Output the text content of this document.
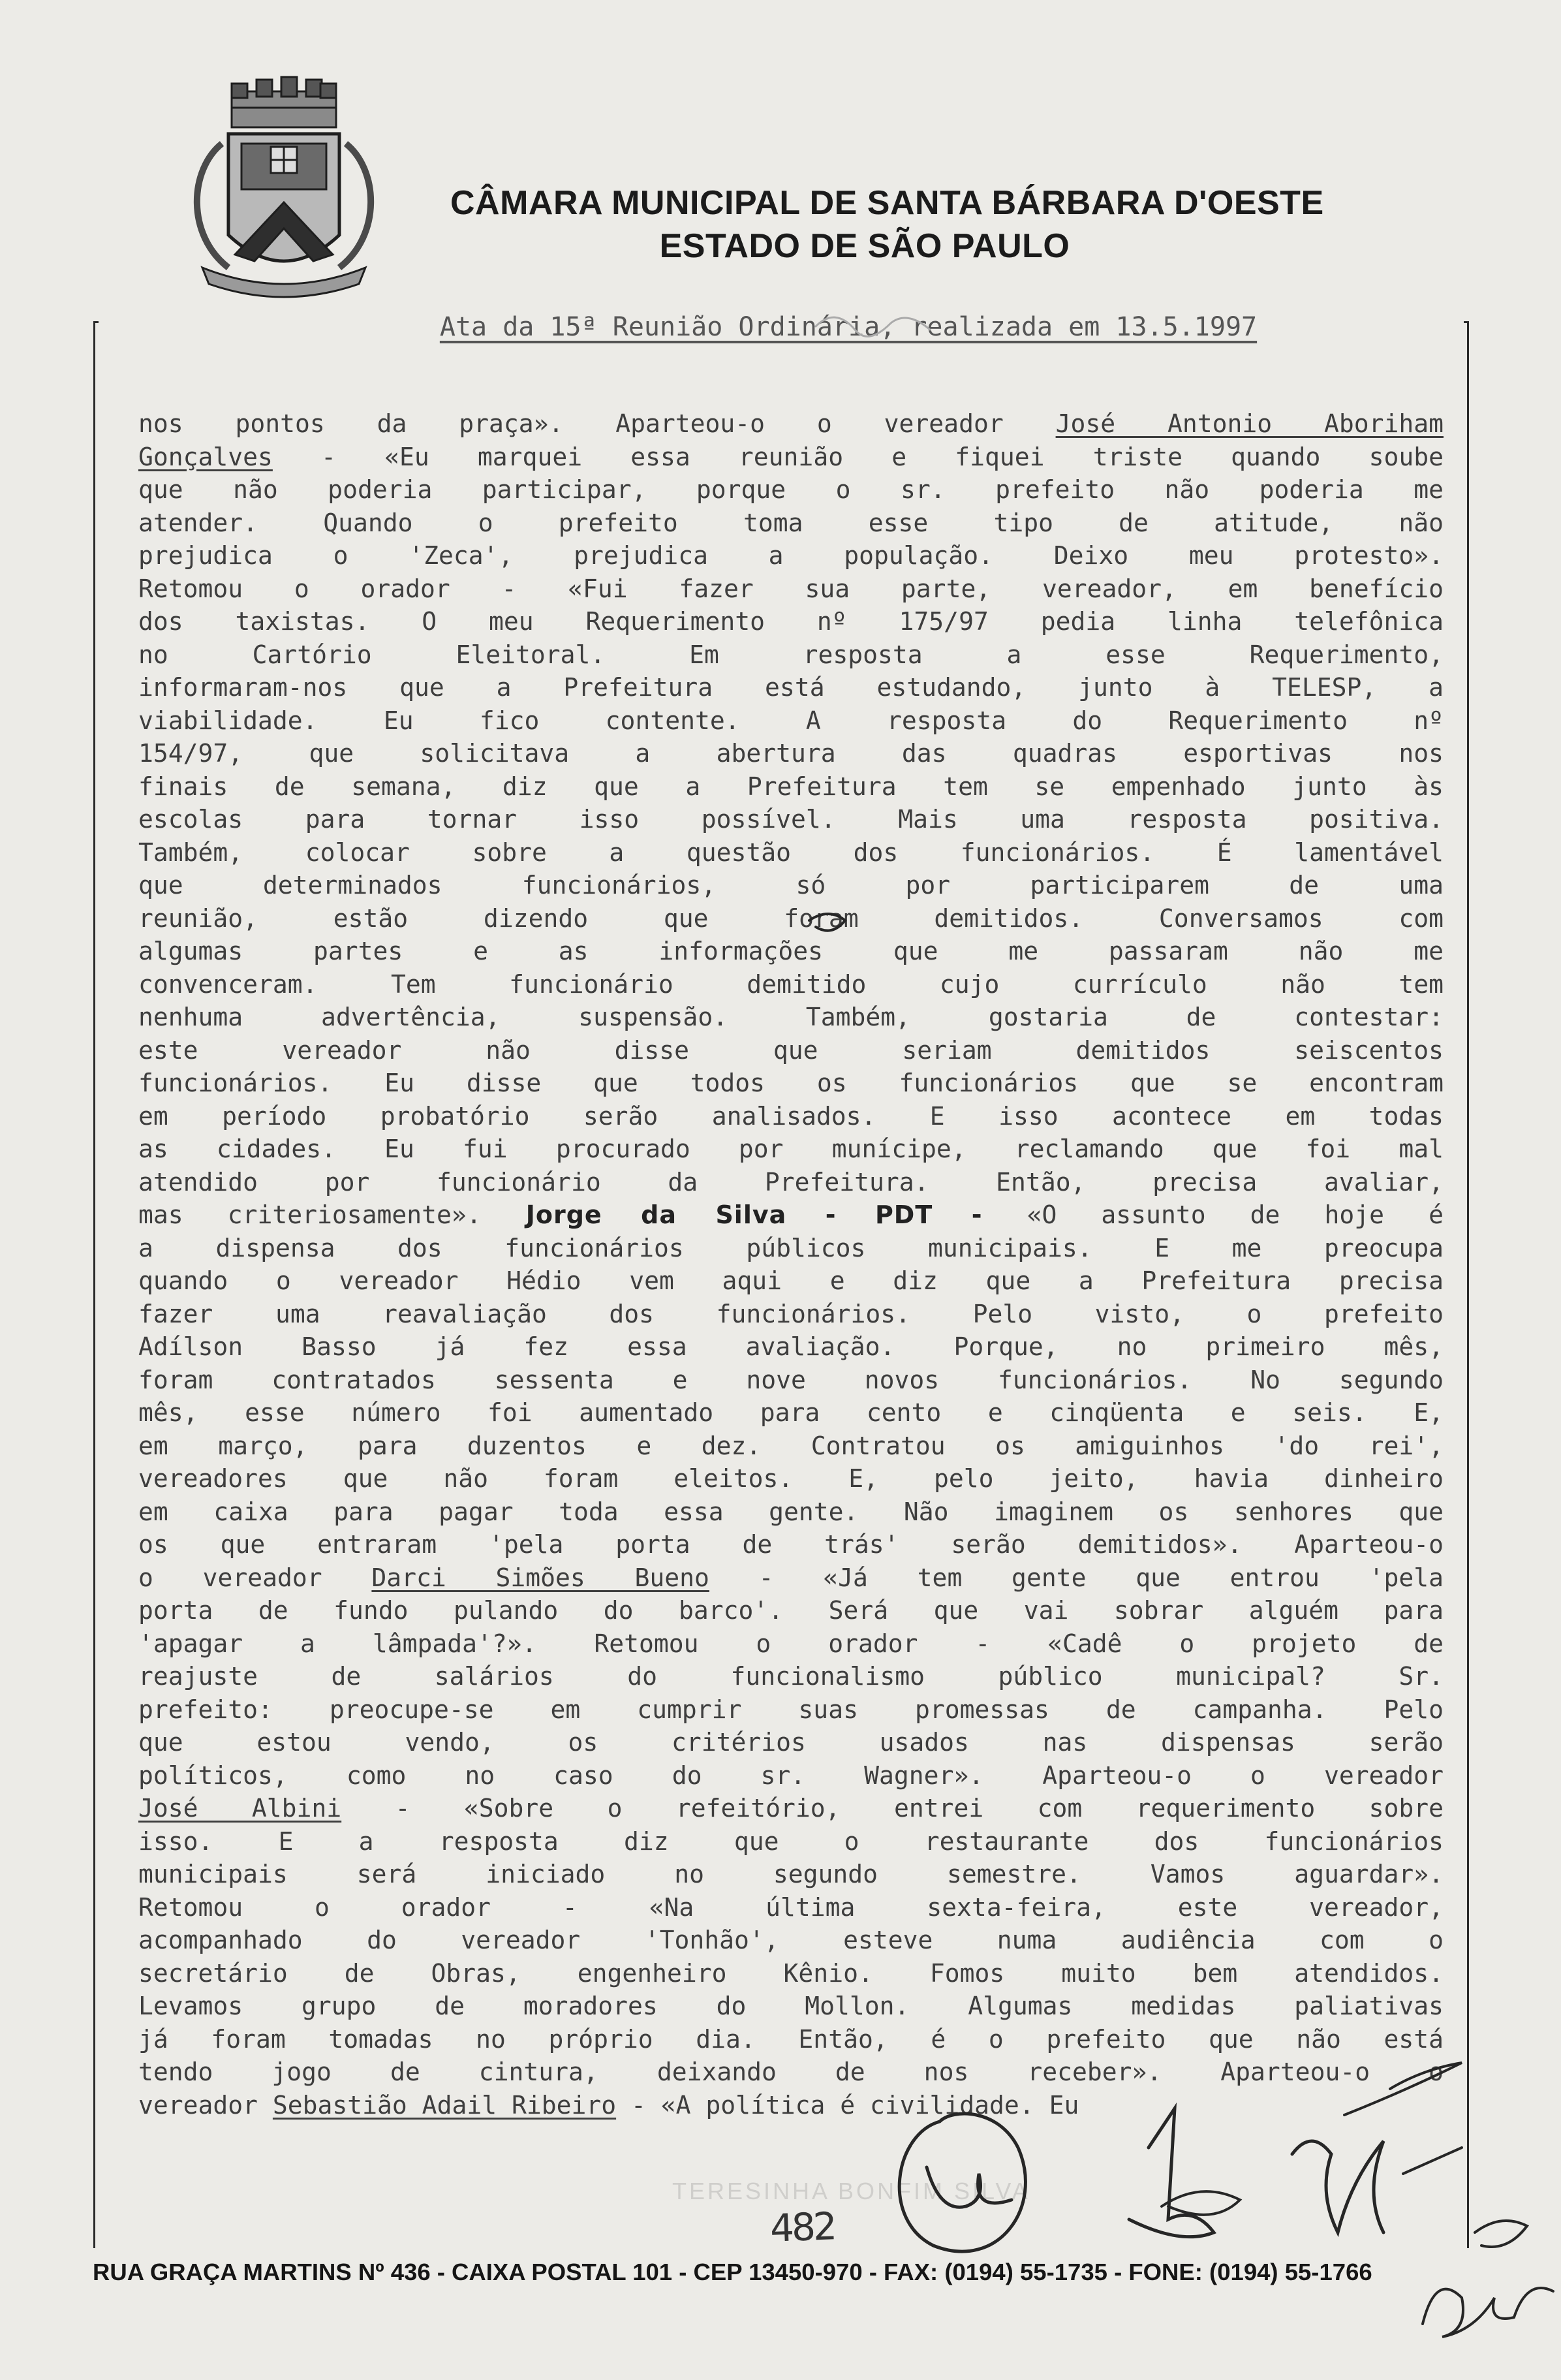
CÂMARA MUNICIPAL DE SANTA BÁRBARA D'OESTE
ESTADO DE SÃO PAULO
Ata da 15ª Reunião Ordinária, realizada em 13.5.1997
nos pontos da praça». Aparteou-o o vereador José Antonio Aboriham
Gonçalves - «Eu marquei essa reunião e fiquei triste quando soube
que não poderia participar, porque o sr. prefeito não poderia me
atender. Quando o prefeito toma esse tipo de atitude, não
prejudica o 'Zeca', prejudica a população. Deixo meu protesto».
Retomou o orador - «Fui fazer sua parte, vereador, em benefício
dos taxistas. O meu Requerimento nº 175/97 pedia linha telefônica
no Cartório Eleitoral. Em resposta a esse Requerimento,
informaram-nos que a Prefeitura está estudando, junto à TELESP, a
viabilidade. Eu fico contente. A resposta do Requerimento nº
154/97, que solicitava a abertura das quadras esportivas nos
finais de semana, diz que a Prefeitura tem se empenhado junto às
escolas para tornar isso possível. Mais uma resposta positiva.
Também, colocar sobre a questão dos funcionários. É lamentável
que determinados funcionários, só por participarem de uma
reunião, estão dizendo que foram demitidos. Conversamos com
algumas partes e as informações que me passaram não me
convenceram. Tem funcionário demitido cujo currículo não tem
nenhuma advertência, suspensão. Também, gostaria de contestar:
este vereador não disse que seriam demitidos seiscentos
funcionários. Eu disse que todos os funcionários que se encontram
em período probatório serão analisados. E isso acontece em todas
as cidades. Eu fui procurado por munícipe, reclamando que foi mal
atendido por funcionário da Prefeitura. Então, precisa avaliar,
mas criteriosamente». Jorge da Silva - PDT - «O assunto de hoje é
a dispensa dos funcionários públicos municipais. E me preocupa
quando o vereador Hédio vem aqui e diz que a Prefeitura precisa
fazer uma reavaliação dos funcionários. Pelo visto, o prefeito
Adílson Basso já fez essa avaliação. Porque, no primeiro mês,
foram contratados sessenta e nove novos funcionários. No segundo
mês, esse número foi aumentado para cento e cinqüenta e seis. E,
em março, para duzentos e dez. Contratou os amiguinhos 'do rei',
vereadores que não foram eleitos. E, pelo jeito, havia dinheiro
em caixa para pagar toda essa gente. Não imaginem os senhores que
os que entraram 'pela porta de trás' serão demitidos». Aparteou-o
o vereador Darci Simões Bueno - «Já tem gente que entrou 'pela
porta de fundo pulando do barco'. Será que vai sobrar alguém para
'apagar a lâmpada'?». Retomou o orador - «Cadê o projeto de
reajuste de salários do funcionalismo público municipal? Sr.
prefeito: preocupe-se em cumprir suas promessas de campanha. Pelo
que estou vendo, os critérios usados nas dispensas serão
políticos, como no caso do sr. Wagner». Aparteou-o o vereador
José Albini - «Sobre o refeitório, entrei com requerimento sobre
isso. E a resposta diz que o restaurante dos funcionários
municipais será iniciado no segundo semestre. Vamos aguardar».
Retomou o orador - «Na última sexta-feira, este vereador,
acompanhado do vereador 'Tonhão', esteve numa audiência com o
secretário de Obras, engenheiro Kênio. Fomos muito bem atendidos.
Levamos grupo de moradores do Mollon. Algumas medidas paliativas
já foram tomadas no próprio dia. Então, é o prefeito que não está
tendo jogo de cintura, deixando de nos receber». Aparteou-o o
vereador Sebastião Adail Ribeiro - «A política é civilidade. Eu
TERESINHA BONFIM SILVA
482
RUA GRAÇA MARTINS Nº 436 - CAIXA POSTAL 101 - CEP 13450-970 - FAX: (0194) 55-1735 - FONE: (0194) 55-1766
